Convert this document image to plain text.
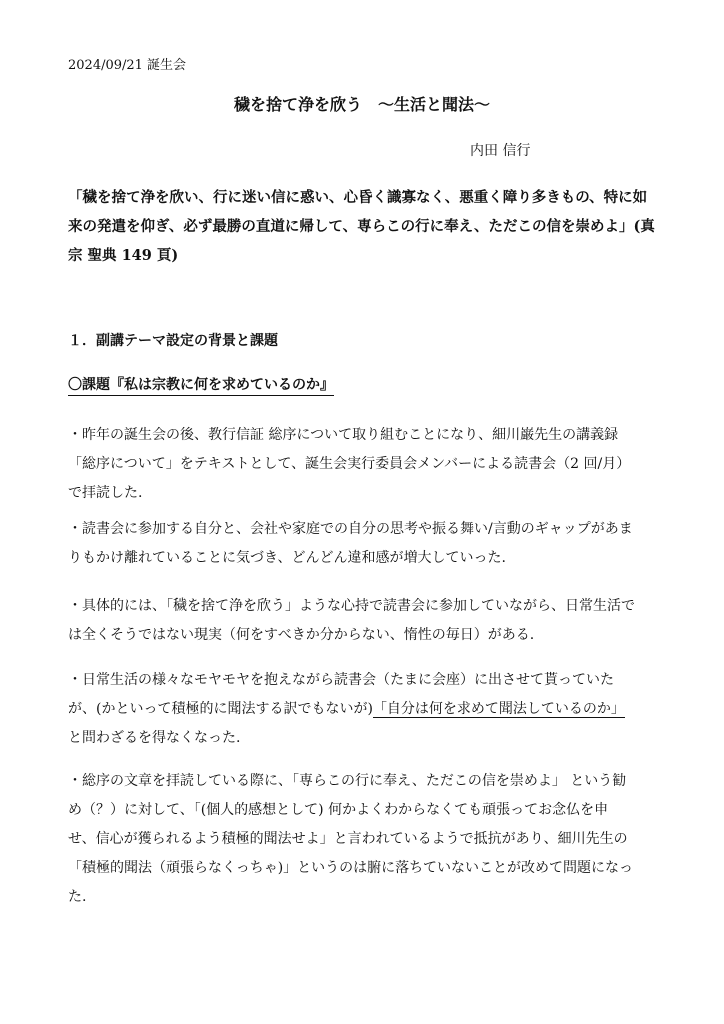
2024/09/21 誕生会
穢を捨て浄を欣う　〜生活と聞法〜
内田 信行

「穢を捨て浄を欣い、行に迷い信に惑い、心昏く識寡なく、悪重く障り多きもの、特に如

来の発遣を仰ぎ、必ず最勝の直道に帰して、専らこの行に奉え、ただこの信を崇めよ」(真

宗 聖典 149 頁)

１．副講テーマ設定の背景と課題
〇課題『私は宗教に何を求めているのか』

・昨年の誕生会の後、教行信証 総序について取り組むことになり、細川巌先生の講義録

「総序について」をテキストとして、誕生会実行委員会メンバーによる読書会（2 回/月）

で拝読した.

・読書会に参加する自分と、会社や家庭での自分の思考や振る舞い/言動のギャップがあま

りもかけ離れていることに気づき、どんどん違和感が増大していった.

・具体的には、「穢を捨て浄を欣う」ような心持で読書会に参加していながら、日常生活で

は全くそうではない現実（何をすべきか分からない、惰性の毎日）がある.

・日常生活の様々なモヤモヤを抱えながら読書会（たまに会座）に出させて貰っていた

が、(かといって積極的に聞法する訳でもないが)「自分は何を求めて聞法しているのか」

と問わざるを得なくなった.

・総序の文章を拝読している際に、「専らこの行に奉え、ただこの信を崇めよ」 という勧

め（？）に対して、「(個人的感想として) 何かよくわからなくても頑張ってお念仏を申

せ、信心が獲られるよう積極的聞法せよ」と言われているようで抵抗があり、細川先生の

「積極的聞法（頑張らなくっちゃ)」というのは腑に落ちていないことが改めて問題になっ

た.
